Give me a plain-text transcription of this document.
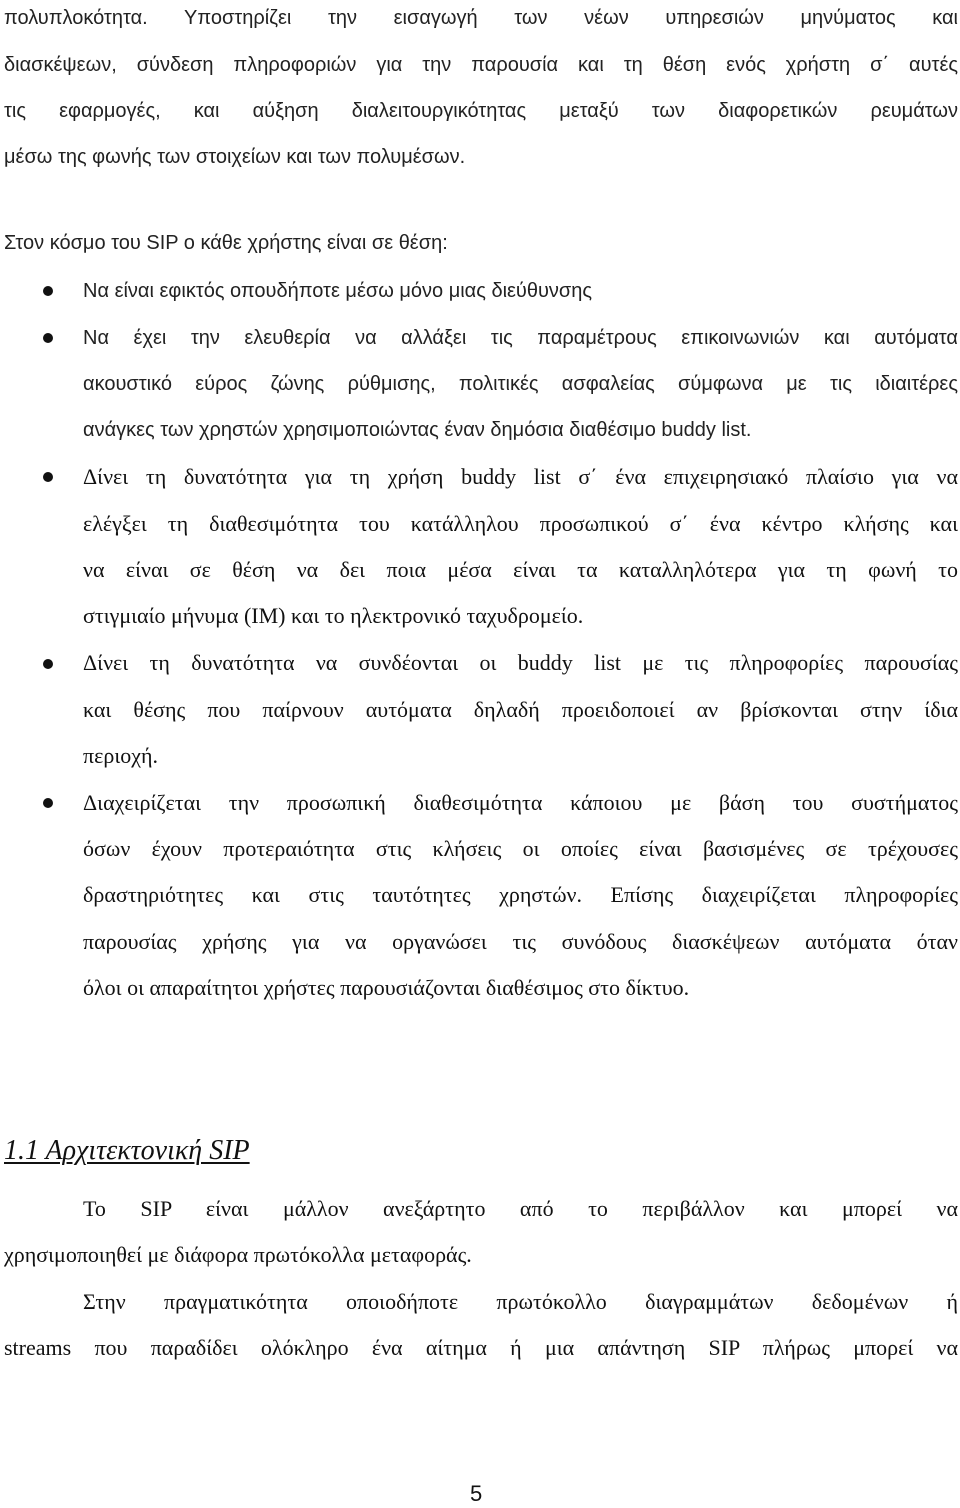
πολυπλοκότητα. Υποστηρίζει την εισαγωγή των νέων υπηρεσιών μηνύματος και
διασκέψεων, σύνδεση πληροφοριών για την παρουσία και τη θέση ενός χρήστη σ΄ αυτές
τις εφαρμογές, και αύξηση διαλειτουργικότητας μεταξύ των διαφορετικών ρευμάτων
μέσω της φωνής των στοιχείων και των πολυμέσων.
Στον κόσμο του SIP ο κάθε χρήστης είναι σε θέση:
Να είναι εφικτός οπουδήποτε μέσω μόνο μιας διεύθυνσης
Να έχει την ελευθερία να αλλάξει τις παραμέτρους επικοινωνιών και αυτόματα
ακουστικό εύρος ζώνης ρύθμισης, πολιτικές ασφαλείας σύμφωνα με τις ιδιαιτέρες
ανάγκες των χρηστών χρησιμοποιώντας έναν δημόσια διαθέσιμο buddy list.
Δίνει τη δυνατότητα για τη χρήση buddy list σ΄ ένα επιχειρησιακό πλαίσιο για να
ελέγξει τη διαθεσιμότητα του κατάλληλου προσωπικού σ΄ ένα κέντρο κλήσης και
να είναι σε θέση να δει ποια μέσα είναι τα καταλληλότερα για τη φωνή το
στιγμιαίο μήνυμα (IM) και το ηλεκτρονικό ταχυδρομείο.
Δίνει τη δυνατότητα να συνδέονται οι buddy list με τις πληροφορίες παρουσίας
και θέσης που παίρνουν αυτόματα δηλαδή προειδοποιεί αν βρίσκονται στην ίδια
περιοχή.
Διαχειρίζεται την προσωπική διαθεσιμότητα κάποιου με βάση του συστήματος
όσων έχουν προτεραιότητα στις κλήσεις οι οποίες είναι βασισμένες σε τρέχουσες
δραστηριότητες και στις ταυτότητες χρηστών. Επίσης διαχειρίζεται πληροφορίες
παρουσίας χρήσης για να οργανώσει τις συνόδους διασκέψεων αυτόματα όταν
όλοι οι απαραίτητοι χρήστες παρουσιάζονται διαθέσιμος στο δίκτυο.
1.1 Αρχιτεκτονική SIP
Το SIP είναι μάλλον ανεξάρτητο από το περιβάλλον και μπορεί να
χρησιμοποιηθεί με διάφορα πρωτόκολλα μεταφοράς.
Στην πραγματικότητα οποιοδήποτε πρωτόκολλο διαγραμμάτων δεδομένων ή
streams που παραδίδει ολόκληρο ένα αίτημα ή μια απάντηση SIP πλήρως μπορεί να
5
